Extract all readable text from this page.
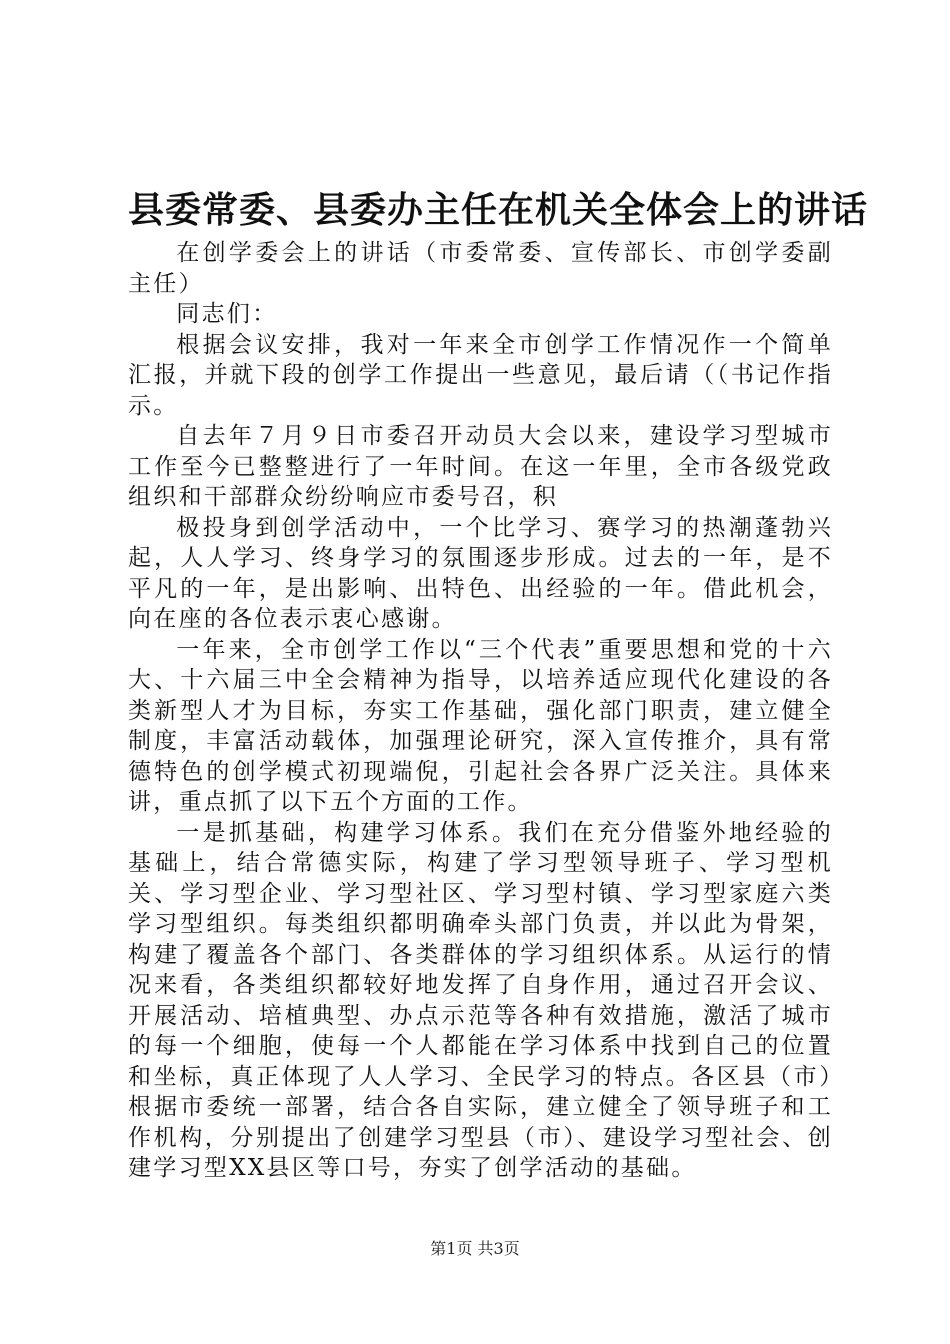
县委常委、县委办主任在机关全体会上的讲话

在创学委会上的讲话（市委常委、宣传部长、市创学委副主任）

同志们：

根据会议安排，我对一年来全市创学工作情况作一个简单汇报，并就下段的创学工作提出一些意见，最后请（（书记作指示。

自去年７月９日市委召开动员大会以来，建设学习型城市工作至今已整整进行了一年时间。在这一年里，全市各级党政组织和干部群众纷纷响应市委号召，积

极投身到创学活动中，一个比学习、赛学习的热潮蓬勃兴起，人人学习、终身学习的氛围逐步形成。过去的一年，是不平凡的一年，是出影响、出特色、出经验的一年。借此机会，向在座的各位表示衷心感谢。

一年来，全市创学工作以“三个代表”重要思想和党的十六大、十六届三中全会精神为指导，以培养适应现代化建设的各类新型人才为目标，夯实工作基础，强化部门职责，建立健全制度，丰富活动载体，加强理论研究，深入宣传推介，具有常德特色的创学模式初现端倪，引起社会各界广泛关注。具体来讲，重点抓了以下五个方面的工作。

一是抓基础，构建学习体系。我们在充分借鉴外地经验的基础上，结合常德实际，构建了学习型领导班子、学习型机关、学习型企业、学习型社区、学习型村镇、学习型家庭六类学习型组织。每类组织都明确牵头部门负责，并以此为骨架，构建了覆盖各个部门、各类群体的学习组织体系。从运行的情况来看，各类组织都较好地发挥了自身作用，通过召开会议、开展活动、培植典型、办点示范等各种有效措施，激活了城市的每一个细胞，使每一个人都能在学习体系中找到自己的位置和坐标，真正体现了人人学习、全民学习的特点。各区县（市）根据市委统一部署，结合各自实际，建立健全了领导班子和工作机构，分别提出了创建学习型县（市）、建设学习型社会、创建学习型XX县区等口号，夯实了创学活动的基础。

第1页 共3页
